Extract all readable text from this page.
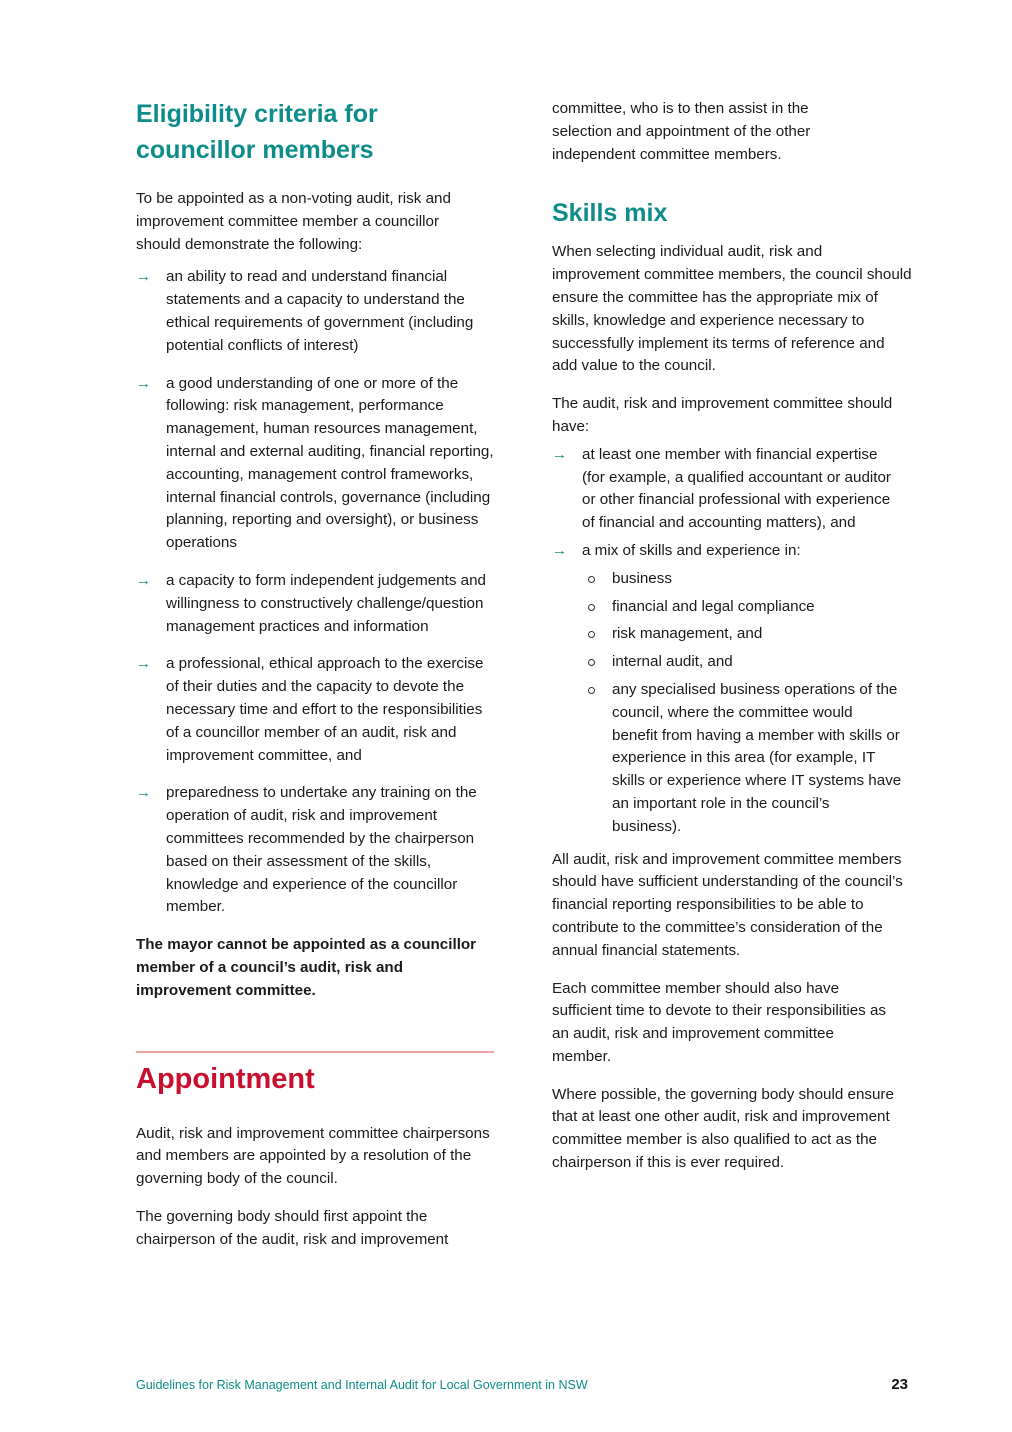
Eligibility criteria for councillor members

To be appointed as a non-voting audit, risk and improvement committee member a councillor should demonstrate the following:

→ an ability to read and understand financial statements and a capacity to understand the ethical requirements of government (including potential conflicts of interest)
→ a good understanding of one or more of the following: risk management, performance management, human resources management, internal and external auditing, financial reporting, accounting, management control frameworks, internal financial controls, governance (including planning, reporting and oversight), or business operations
→ a capacity to form independent judgements and willingness to constructively challenge/question management practices and information
→ a professional, ethical approach to the exercise of their duties and the capacity to devote the necessary time and effort to the responsibilities of a councillor member of an audit, risk and improvement committee, and
→ preparedness to undertake any training on the operation of audit, risk and improvement committees recommended by the chairperson based on their assessment of the skills, knowledge and experience of the councillor member.

The mayor cannot be appointed as a councillor member of a council’s audit, risk and improvement committee.

Appointment

Audit, risk and improvement committee chairpersons and members are appointed by a resolution of the governing body of the council.

The governing body should first appoint the chairperson of the audit, risk and improvement

committee, who is to then assist in the selection and appointment of the other independent committee members.

Skills mix

When selecting individual audit, risk and improvement committee members, the council should ensure the committee has the appropriate mix of skills, knowledge and experience necessary to successfully implement its terms of reference and add value to the council.

The audit, risk and improvement committee should have:

→ at least one member with financial expertise (for example, a qualified accountant or auditor or other financial professional with experience of financial and accounting matters), and
→ a mix of skills and experience in:
business
financial and legal compliance
risk management, and
internal audit, and
any specialised business operations of the council, where the committee would benefit from having a member with skills or experience in this area (for example, IT skills or experience where IT systems have an important role in the council’s business).

All audit, risk and improvement committee members should have sufficient understanding of the council’s financial reporting responsibilities to be able to contribute to the committee’s consideration of the annual financial statements.

Each committee member should also have sufficient time to devote to their responsibilities as an audit, risk and improvement committee member.

Where possible, the governing body should ensure that at least one other audit, risk and improvement committee member is also qualified to act as the chairperson if this is ever required.

Guidelines for Risk Management and Internal Audit for Local Government in NSW	23
